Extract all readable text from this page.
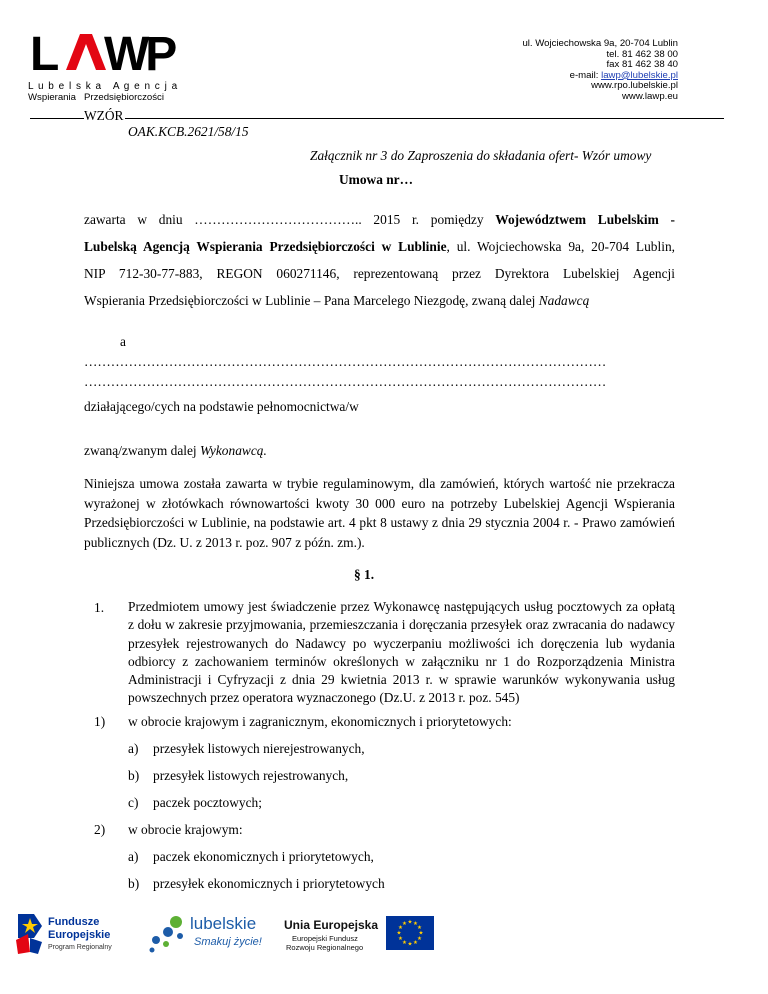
L WP
L u b e l s k a   A g e n c j a
Wspierania   Przedsiębiorczości
ul. Wojciechowska 9a, 20-704 Lublin
tel. 81 462 38 00
fax 81 462 38 40
e-mail: lawp@lubelskie.pl
www.rpo.lubelskie.pl
www.lawp.eu
WZÓR
OAK.KCB.2621/58/15
Załącznik nr 3 do Zaproszenia do składania ofert- Wzór umowy
Umowa nr…
zawarta w dniu ……………………………….. 2015 r. pomiędzy Województwem Lubelskim -
Lubelską Agencją Wspierania Przedsiębiorczości w Lublinie, ul. Wojciechowska 9a, 20-704 Lublin,
NIP 712-30-77-883, REGON 060271146, reprezentowaną przez Dyrektora Lubelskiej Agencji
Wspierania Przedsiębiorczości w Lublinie – Pana Marcelego Niezgodę, zwaną dalej Nadawcą
a
………………………………………………………………………………………………………
………………………………………………………………………………………………………
działającego/cych na podstawie pełnomocnictwa/w
zwaną/zwanym dalej Wykonawcą.
Niniejsza umowa została zawarta w trybie regulaminowym, dla zamówień, których wartość nie przekracza wyrażonej w złotówkach równowartości kwoty 30 000 euro na potrzeby Lubelskiej Agencji Wspierania Przedsiębiorczości w Lublinie, na podstawie art. 4 pkt 8 ustawy z dnia 29 stycznia 2004 r. - Prawo zamówień publicznych (Dz. U. z 2013 r. poz. 907 z późn. zm.).
§ 1.
1. Przedmiotem umowy jest świadczenie przez Wykonawcę następujących usług pocztowych za opłatą z dołu w zakresie przyjmowania, przemieszczania i doręczania przesyłek oraz zwracania do nadawcy przesyłek rejestrowanych do Nadawcy po wyczerpaniu możliwości ich doręczenia lub wydania odbiorcy z zachowaniem terminów określonych w załączniku nr 1 do Rozporządzenia Ministra Administracji i Cyfryzacji z dnia 29 kwietnia 2013 r. w sprawie warunków wykonywania usług powszechnych przez operatora wyznaczonego (Dz.U. z 2013 r. poz. 545)
1) w obrocie krajowym i zagranicznym, ekonomicznych i priorytetowych:
a) przesyłek listowych nierejestrowanych,
b) przesyłek listowych rejestrowanych,
c) paczek pocztowych;
2) w obrocie krajowym:
a) paczek ekonomicznych i priorytetowych,
b) przesyłek ekonomicznych i priorytetowych
Fundusze
Europejskie
Program Regionalny
lubelskie
Smakuj życie!
Unia Europejska
Europejski Fundusz
Rozwoju Regionalnego
★ ★
★
★
★
★
★
★
★
★
★
★
